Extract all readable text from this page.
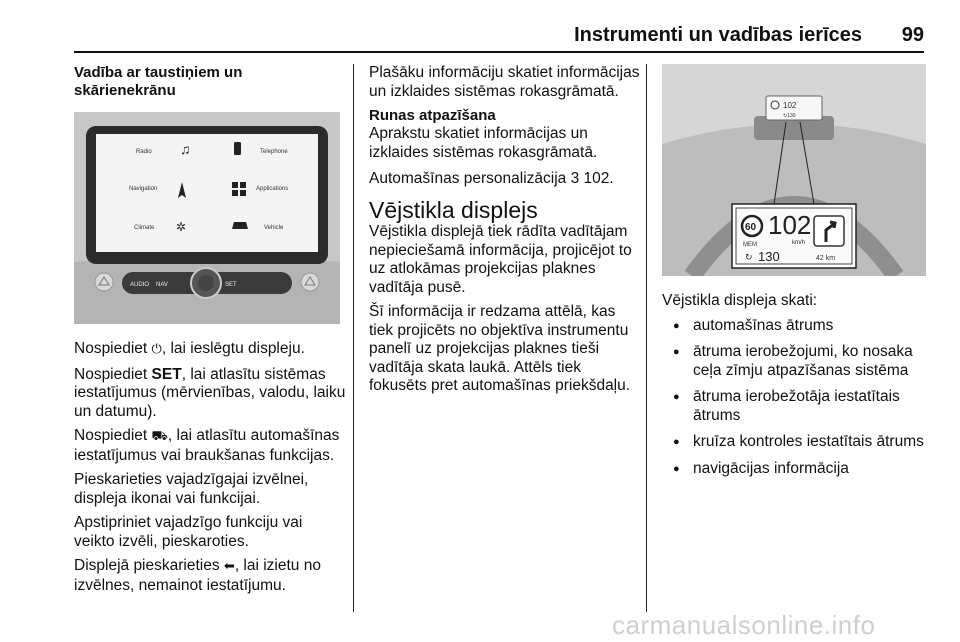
Instrumenti un vadības ierīces 99
Vadība ar taustiņiem un skārienekrānu
Radio	Telephone
Navigation	Applications
Climate	Vehicle
♫
✲
AUDIO NAV	SET

Nospiediet ⏻, lai ieslēgtu displeju.

Nospiediet SET, lai atlasītu sistēmas iestatījumus (mērvienības, valodu, laiku un datumu).

Nospiediet ⛟, lai atlasītu automašīnas iestatījumus vai braukšanas funkcijas.

Pieskarieties vajadzīgajai izvēlnei, displeja ikonai vai funkcijai.

Apstipriniet vajadzīgo funkciju vai veikto izvēli, pieskaroties.

Displejā pieskarieties ⬅, lai izietu no izvēlnes, nemainot iestatījumu.

Plašāku informāciju skatiet informācijas un izklaides sistēmas rokasgrāmatā.

Runas atpazīšana

Aprakstu skatiet informācijas un izklaides sistēmas rokasgrāmatā.

Automašīnas personalizācija 3 102.

Vējstikla displejs

Vējstikla displejā tiek rādīta vadītājam nepieciešamā informācija, projicējot to uz atlokāmas projekcijas plaknes vadītāja pusē.

Šī informācija ir redzama attēlā, kas tiek projicēts no objektīva instrumentu panelī uz projekcijas plaknes tieši vadītāja skata laukā. Attēls tiek fokusēts pret automašīnas priekšdaļu.

102
↻130
60
MEM
102
km/h
↻ 130	42 km

Vējstikla displeja skati:

● automašīnas ātrums
● ātruma ierobežojumi, ko nosaka ceļa zīmju atpazīšanas sistēma
● ātruma ierobežotāja iestatītais ātrums
● kruīza kontroles iestatītais ātrums
● navigācijas informācija
carmanualsonline.info
